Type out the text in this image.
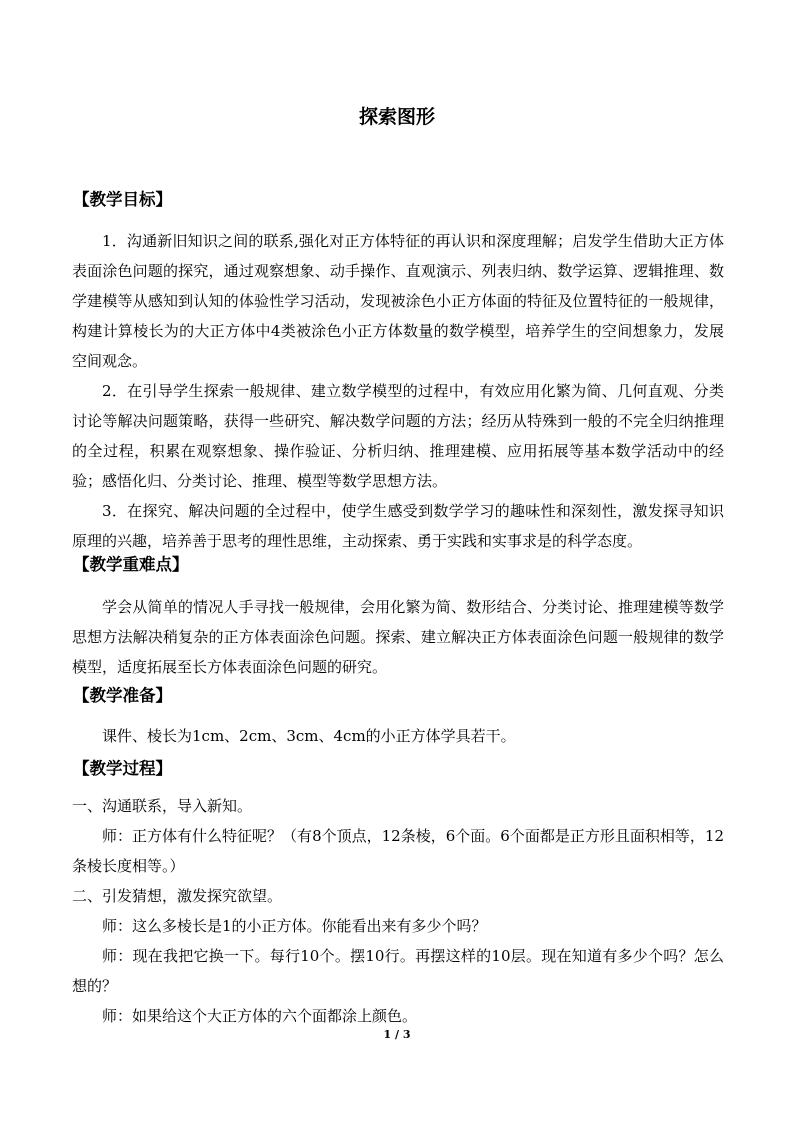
探索图形
【教学目标】

1．沟通新旧知识之间的联系,强化对正方体特征的再认识和深度理解；启发学生借助大正方体表面涂色问题的探究，通过观察想象、动手操作、直观演示、列表归纳、数学运算、逻辑推理、数学建模等从感知到认知的体验性学习活动，发现被涂色小正方体面的特征及位置特征的一般规律，构建计算棱长为的大正方体中4类被涂色小正方体数量的数学模型，培养学生的空间想象力，发展空间观念。

2．在引导学生探索一般规律、建立数学模型的过程中，有效应用化繁为简、几何直观、分类讨论等解决问题策略，获得一些研究、解决数学问题的方法；经历从特殊到一般的不完全归纳推理的全过程，积累在观察想象、操作验证、分析归纳、推理建模、应用拓展等基本数学活动中的经验；感悟化归、分类讨论、推理、模型等数学思想方法。

3．在探究、解决问题的全过程中，使学生感受到数学学习的趣味性和深刻性，激发探寻知识原理的兴趣，培养善于思考的理性思维，主动探索、勇于实践和实事求是的科学态度。

【教学重难点】

学会从简单的情况人手寻找一般规律，会用化繁为简、数形结合、分类讨论、推理建模等数学思想方法解决稍复杂的正方体表面涂色问题。探索、建立解决正方体表面涂色问题一般规律的数学模型，适度拓展至长方体表面涂色问题的研究。

【教学准备】

课件、棱长为1cm、2cm、3cm、4cm的小正方体学具若干。

【教学过程】

一、沟通联系，导入新知。

师：正方体有什么特征呢？（有8个顶点，12条棱，6个面。6个面都是正方形且面积相等，12条棱长度相等。）

二、引发猜想，激发探究欲望。

师：这么多棱长是1的小正方体。你能看出来有多少个吗？

师：现在我把它换一下。每行10个。摆10行。再摆这样的10层。现在知道有多少个吗？怎么想的？

师：如果给这个大正方体的六个面都涂上颜色。

1 / 3
